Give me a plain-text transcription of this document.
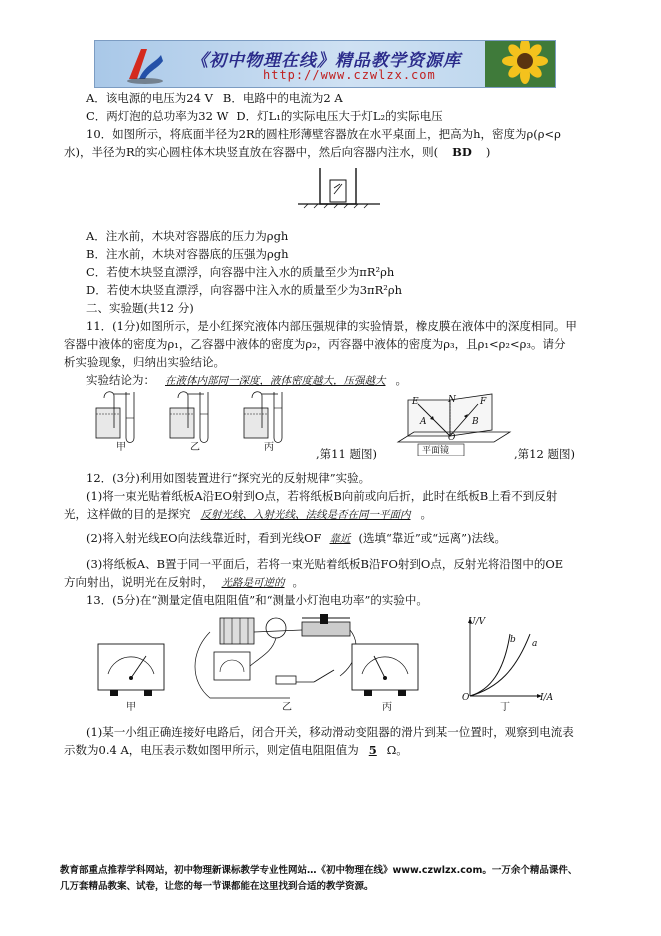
《初中物理在线》精品教学资源库
http://www.czwlzx.com
A．该电源的电压为24 V B．电路中的电流为2 A
C．两灯泡的总功率为32 W D．灯L₁的实际电压大于灯L₂的实际电压
10．如图所示，将底面半径为2R的圆柱形薄壁容器放在水平桌面上，把高为h，密度为ρ(ρ<ρ
水)，半径为R的实心圆柱体木块竖直放在容器中，然后向容器内注水，则( BD )
A．注水前，木块对容器底的压力为ρgh
B．注水前，木块对容器底的压强为ρgh
C．若使木块竖直漂浮，向容器中注入水的质量至少为πR²ρh
D．若使木块竖直漂浮，向容器中注入水的质量至少为3πR²ρh
二、实验题(共12 分)
11．(1分)如图所示，是小红探究液体内部压强规律的实验情景，橡皮膜在液体中的深度相同。甲
容器中液体的密度为ρ₁，乙容器中液体的密度为ρ₂，丙容器中液体的密度为ρ₃，且ρ₁<ρ₂<ρ₃。请分
析实验现象，归纳出实验结论。
实验结论为： 在液体内部同一深度，液体密度越大，压强越大 。
甲	乙	丙	,第11 题图)
E	N	F
A	B
O
平面镜	,第12 题图)
12．(3分)利用如图装置进行“探究光的反射规律”实验。
(1)将一束光贴着纸板A沿EO射到O点，若将纸板B向前或向后折，此时在纸板B上看不到反射
光，这样做的目的是探究 反射光线、入射光线、法线是否在同一平面内 。
(2)将入射光线EO向法线靠近时，看到光线OF 靠近 (选填“靠近”或“远离”)法线。
(3)将纸板A、B置于同一平面后，若将一束光贴着纸板B沿FO射到O点，反射光将沿图中的OE
方向射出，说明光在反射时， 光路是可逆的 。
13．(5分)在“测量定值电阻阻值”和“测量小灯泡电功率”的实验中。
U/V
I/A
b a
O
甲	乙	丙	丁
(1)某一小组正确连接好电路后，闭合开关，移动滑动变阻器的滑片到某一位置时，观察到电流表
示数为0.4 A，电压表示数如图甲所示，则定值电阻阻值为 5 Ω。
教育部重点推荐学科网站，初中物理新课标教学专业性网站…《初中物理在线》www.czwlzx.com。一万余个精品课件、
几万套精品教案、试卷，让您的每一节课都能在这里找到合适的教学资源。
